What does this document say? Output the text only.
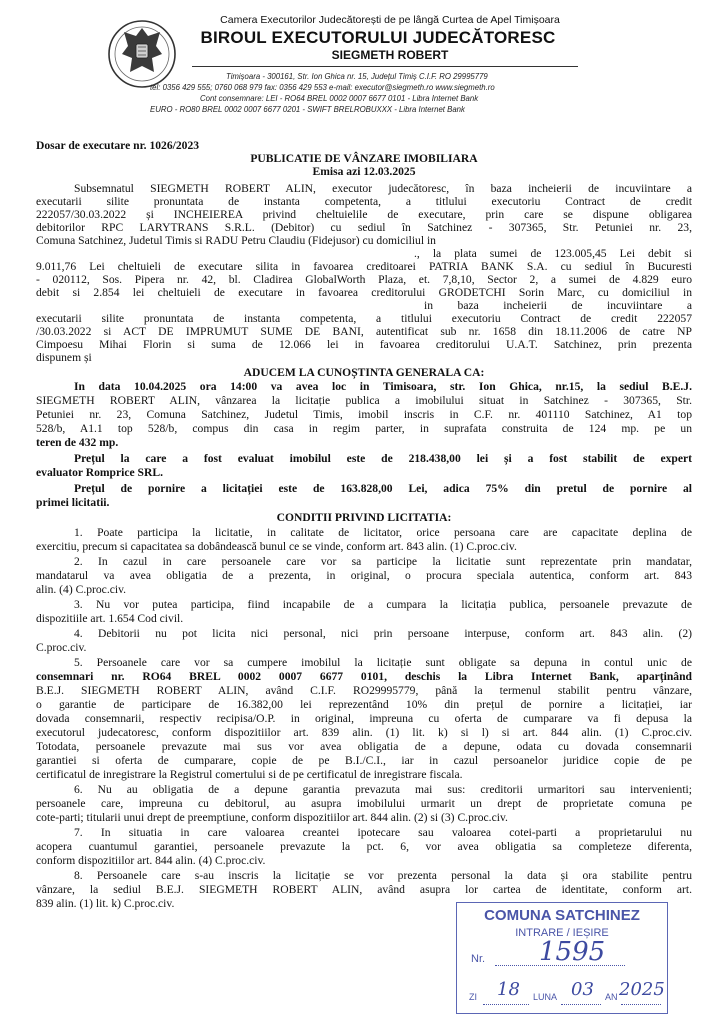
Camera Executorilor Judecătorești de pe lângă Curtea de Apel Timișoara
BIROUL EXECUTORULUI JUDECĂTORESC
SIEGMETH ROBERT
Timișoara - 300161, Str. Ion Ghica nr. 15, Județul Timiș C.I.F. RO 29995779
tel: 0356 429 555; 0760 068 979 fax: 0356 429 553 e-mail: executor@siegmeth.ro www.siegmeth.ro
Cont consemnare: LEI - RO64 BREL 0002 0007 6677 0101 - Libra Internet Bank
EURO - RO80 BREL 0002 0007 6677 0201 - SWIFT BRELROBUXXX - Libra Internet Bank
Dosar de executare nr. 1026/2023
PUBLICATIE DE VÂNZARE IMOBILIARA
Emisa azi 12.03.2025
Subsemnatul SIEGMETH ROBERT ALIN, executor judecătoresc, în baza incheierii de incuviintare a
executarii silite pronuntata de instanta competenta, a titlului executoriu Contract de credit
222057/30.03.2022 și INCHEIEREA privind cheltuielile de executare, prin care se dispune obligarea
debitorilor RPC LARYTRANS S.R.L. (Debitor) cu sediul în Satchinez - 307365, Str. Petuniei nr. 23,
Comuna Satchinez, Judetul Timis si RADU Petru Claudiu (Fidejusor) cu domiciliul in
., la plata sumei de 123.005,45 Lei debit si
9.011,76 Lei cheltuieli de executare silita in favoarea creditoarei PATRIA BANK S.A. cu sediul în Bucuresti
- 020112, Sos. Pipera nr. 42, bl. Cladirea GlobalWorth Plaza, et. 7,8,10, Sector 2, a sumei de 4.829 euro
debit si 2.854 lei cheltuieli de executare in favoarea creditorului GRODETCHI Sorin Marc, cu domiciliul in
in baza incheierii de incuviintare a
executarii silite pronuntata de instanta competenta, a titlului executoriu Contract de credit 222057
/30.03.2022 si ACT DE IMPRUMUT SUME DE BANI, autentificat sub nr. 1658 din 18.11.2006 de catre NP
Cimpoesu Mihai Florin si suma de 12.066 lei in favoarea creditorului U.A.T. Satchinez, prin prezenta
dispunem și
ADUCEM LA CUNOȘTINTA GENERALA CA:
In data 10.04.2025 ora 14:00 va avea loc in Timisoara, str. Ion Ghica, nr.15, la sediul B.E.J.
SIEGMETH ROBERT ALIN, vânzarea la licitație publica a imobilului situat in Satchinez - 307365, Str.
Petuniei nr. 23, Comuna Satchinez, Judetul Timis, imobil inscris in C.F. nr. 401110 Satchinez, A1 top
528/b, A1.1 top 528/b, compus din casa in regim parter, in suprafata construita de 124 mp. pe un
teren de 432 mp.
Prețul la care a fost evaluat imobilul este de 218.438,00 lei și a fost stabilit de expert
evaluator Romprice SRL.
Prețul de pornire a licitației este de 163.828,00 Lei, adica 75% din pretul de pornire al
primei licitatii.
CONDITII PRIVIND LICITATIA:
1. Poate participa la licitatie, in calitate de licitator, orice persoana care are capacitate deplina de
exercitiu, precum si capacitatea sa dobândească bunul ce se vinde, conform art. 843 alin. (1) C.proc.civ.
2. In cazul in care persoanele care vor sa participe la licitatie sunt reprezentate prin mandatar,
mandatarul va avea obligatia de a prezenta, in original, o procura speciala autentica, conform art. 843
alin. (4) C.proc.civ.
3. Nu vor putea participa, fiind incapabile de a cumpara la licitația publica, persoanele prevazute de
dispozitiile art. 1.654 Cod civil.
4. Debitorii nu pot licita nici personal, nici prin persoane interpuse, conform art. 843 alin. (2)
C.proc.civ.
5. Persoanele care vor sa cumpere imobilul la licitație sunt obligate sa depuna in contul unic de
consemnari nr. RO64 BREL 0002 0007 6677 0101, deschis la Libra Internet Bank, aparținând
B.E.J. SIEGMETH ROBERT ALIN, având C.I.F. RO29995779, până la termenul stabilit pentru vânzare,
o garantie de participare de 16.382,00 lei reprezentând 10% din prețul de pornire a licitației, iar
dovada consemnarii, respectiv recipisa/O.P. in original, impreuna cu oferta de cumparare va fi depusa la
executorul judecatoresc, conform dispozitiilor art. 839 alin. (1) lit. k) si l) si art. 844 alin. (1) C.proc.civ.
Totodata, persoanele prevazute mai sus vor avea obligatia de a depune, odata cu dovada consemnarii
garantiei si oferta de cumparare, copie de pe B.I./C.I., iar in cazul persoanelor juridice copie de pe
certificatul de inregistrare la Registrul comertului si de pe certificatul de inregistrare fiscala.
6. Nu au obligatia de a depune garantia prevazuta mai sus: creditorii urmaritori sau intervenienti;
persoanele care, impreuna cu debitorul, au asupra imobilului urmarit un drept de proprietate comuna pe
cote-parti; titularii unui drept de preemptiune, conform dispozitiilor art. 844 alin. (2) si (3) C.proc.civ.
7. In situatia in care valoarea creantei ipotecare sau valoarea cotei-parti a proprietarului nu
acopera cuantumul garantiei, persoanele prevazute la pct. 6, vor avea obligatia sa completeze diferenta,
conform dispozitiilor art. 844 alin. (4) C.proc.civ.
8. Persoanele care s-au inscris la licitație se vor prezenta personal la data și ora stabilite pentru
vânzare, la sediul B.E.J. SIEGMETH ROBERT ALIN, având asupra lor cartea de identitate, conform art.
839 alin. (1) lit. k) C.proc.civ.
COMUNA SATCHINEZ
INTRARE / IEȘIRE
Nr. 1595
ZI 18 LUNA 03 AN 2025
